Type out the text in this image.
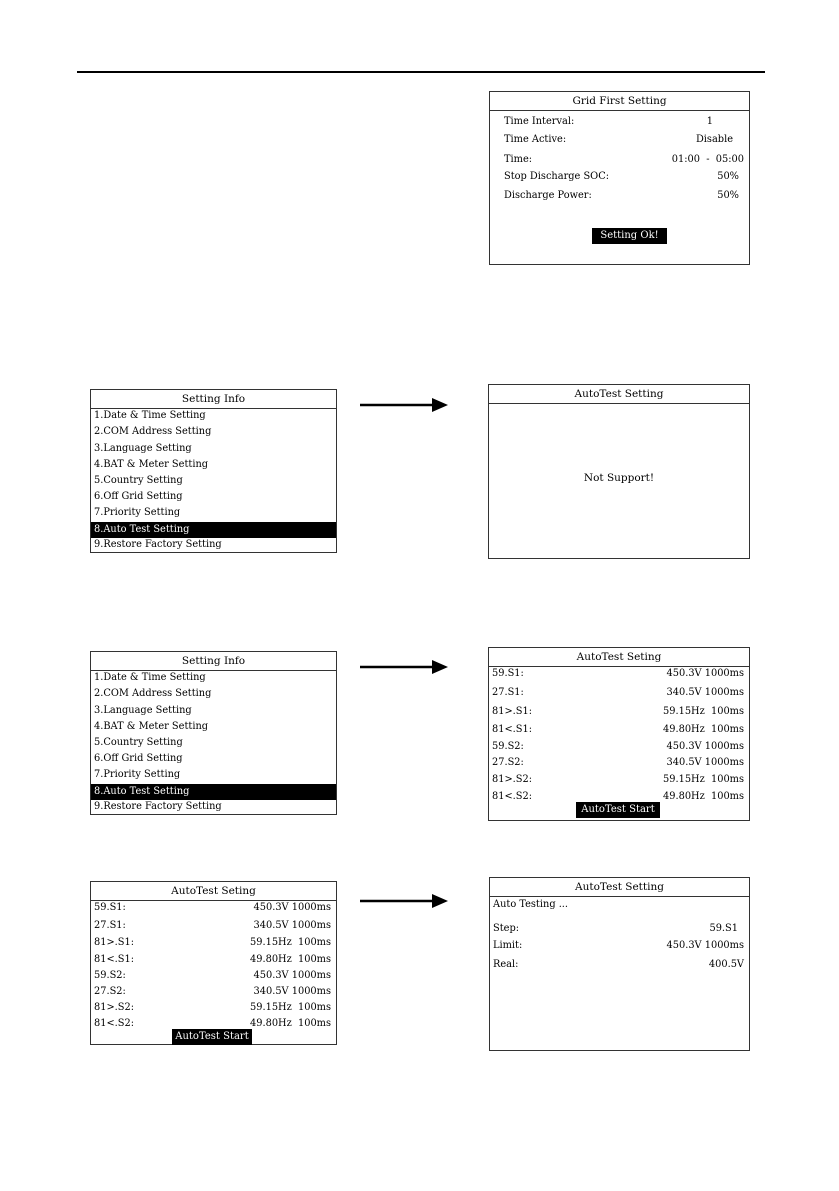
Grid First Setting
Time Interval:	1
Time Active:	Disable
Time:	01:00  -  05:00
Stop Discharge SOC:	50%
Discharge Power:	50%
Setting Ok!
Setting Info
1.Date & Time Setting
2.COM Address Setting
3.Language Setting
4.BAT & Meter Setting
5.Country Setting
6.Off Grid Setting
7.Priority Setting
8.Auto Test Setting
9.Restore Factory Setting
AutoTest Setting
Not Support!
Setting Info
1.Date & Time Setting
2.COM Address Setting
3.Language Setting
4.BAT & Meter Setting
5.Country Setting
6.Off Grid Setting
7.Priority Setting
8.Auto Test Setting
9.Restore Factory Setting
AutoTest Seting
59.S1:	450.3V 1000ms
27.S1:	340.5V 1000ms
81>.S1:	59.15Hz  100ms
81<.S1:	49.80Hz  100ms
59.S2:	450.3V 1000ms
27.S2:	340.5V 1000ms
81>.S2:	59.15Hz  100ms
81<.S2:	49.80Hz  100ms
AutoTest Start
AutoTest Seting
59.S1:	450.3V 1000ms
27.S1:	340.5V 1000ms
81>.S1:	59.15Hz  100ms
81<.S1:	49.80Hz  100ms
59.S2:	450.3V 1000ms
27.S2:	340.5V 1000ms
81>.S2:	59.15Hz  100ms
81<.S2:	49.80Hz  100ms
AutoTest Start
AutoTest Setting
Auto Testing ...
Step:	59.S1
Limit:	450.3V 1000ms
Real:	400.5V
